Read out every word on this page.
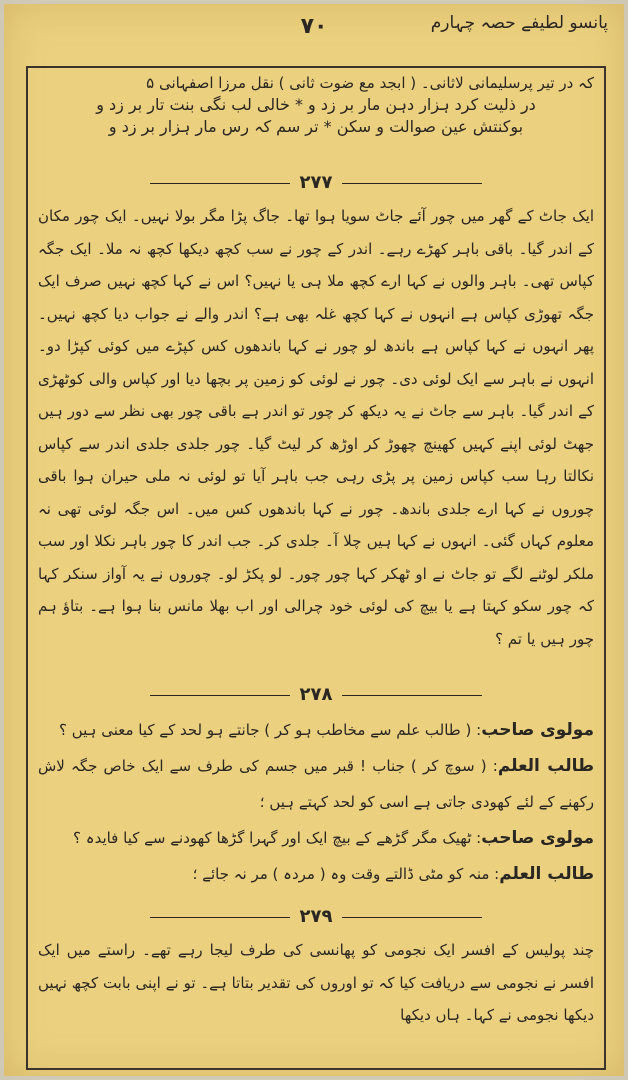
پانسو لطیفے حصہ چہارم
۷۰
کہ در تیر پرسلیمانی لاثانی۔ ( ابجد مع ضوت ثانی ) نقل مرزا اصفہانی ۵
در ذلیت کرد ہزار دہن مار بر زد و * خالی لب نگی بنت تار بر زد و
بوکنتش عین صوالت و سکن * تر سم کہ رس مار ہزار بر زد و
۲۷۷
ایک جاٹ کے گھر میں چور آئے جاٹ سویا ہوا تھا۔ جاگ پڑا مگر بولا نہیں۔ ایک چور مکان کے اندر گیا۔ باقی باہر کھڑے رہے۔ اندر کے چور نے سب کچھ دیکھا کچھ نہ ملا۔ ایک جگہ کپاس تھی۔ باہر والوں نے کہا ارے کچھ ملا ہی یا نہیں؟ اس نے کہا کچھ نہیں صرف ایک جگہ تھوڑی کپاس ہے انہوں نے کہا کچھ غلہ بھی ہے؟ اندر والے نے جواب دیا کچھ نہیں۔ پھر انہوں نے کہا کپاس ہے باندھ لو چور نے کہا باندھوں کس کپڑے میں کوئی کپڑا دو۔ انہوں نے باہر سے ایک لوئی دی۔ چور نے لوئی کو زمین پر بچھا دیا اور کپاس والی کوٹھڑی کے اندر گیا۔ باہر سے جاٹ نے یہ دیکھ کر چور تو اندر ہے باقی چور بھی نظر سے دور ہیں جھٹ لوئی اپنے کہیں کھینچ چھوڑ کر اوڑھ کر لیٹ گیا۔ چور جلدی جلدی اندر سے کپاس نکالتا رہا سب کپاس زمین پر پڑی رہی جب باہر آیا تو لوئی نہ ملی حیران ہوا باقی چوروں نے کہا ارے جلدی باندھ۔ چور نے کہا باندھوں کس میں۔ اس جگہ لوئی تھی نہ معلوم کہاں گئی۔ انہوں نے کہا ہیں چلا آ۔ جلدی کر۔ جب اندر کا چور باہر نکلا اور سب ملکر لوٹنے لگے تو جاٹ نے او ٹھکر کہا چور چور۔ لو پکڑ لو۔ چوروں نے یہ آواز سنکر کہا کہ چور سکو کہتا ہے یا بیچ کی لوئی خود چرالی اور اب بھلا مانس بنا ہوا ہے۔ بتاؤ ہم چور ہیں یا تم ؟
۲۷۸
مولوی صاحب: ( طالب علم سے مخاطب ہو کر ) جانتے ہو لحد کے کیا معنی ہیں ؟
طالب العلم: ( سوچ کر ) جناب ! قبر میں جسم کی طرف سے ایک خاص جگہ لاش رکھنے کے لئے کھودی جاتی ہے اسی کو لحد کہتے ہیں ؛
مولوی صاحب: ٹھیک مگر گڑھے کے بیچ ایک اور گہرا گڑھا کھودنے سے کیا فایدہ ؟
طالب العلم: منہ کو مٹی ڈالتے وقت وہ ( مردہ ) مر نہ جائے ؛
۲۷۹
چند پولیس کے افسر ایک نجومی کو پھانسی کی طرف لیجا رہے تھے۔ راستے میں ایک افسر نے نجومی سے دریافت کیا کہ تو اوروں کی تقدیر بتاتا ہے۔ تو نے اپنی بابت کچھ نہیں دیکھا نجومی نے کہا۔ ہاں دیکھا
